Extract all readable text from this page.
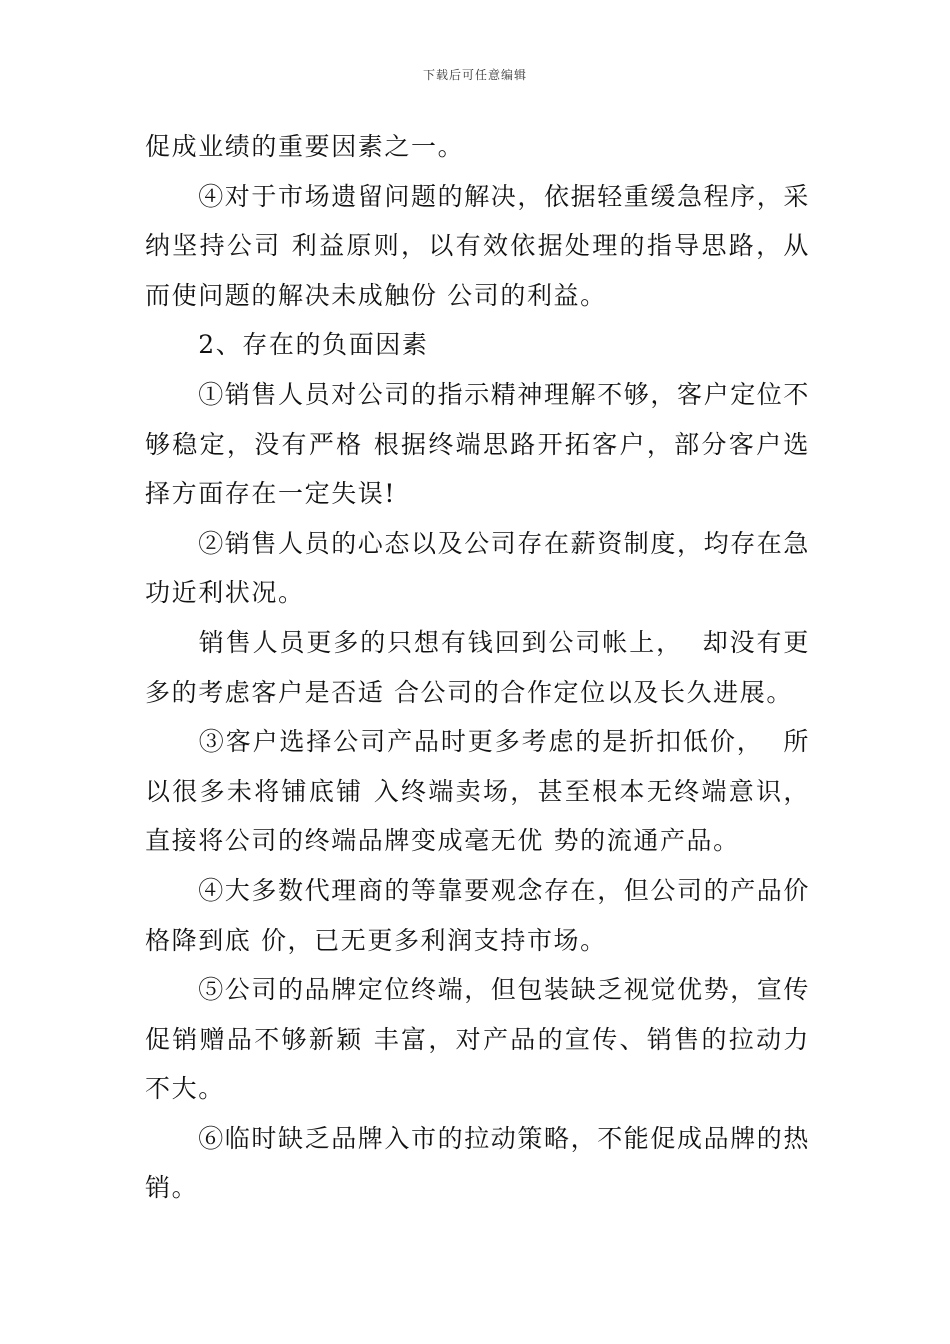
下载后可任意编辑

促成业绩的重要因素之一。

　　④对于市场遗留问题的解决，依据轻重缓急程序，采纳坚持公司 利益原则，以有效依据处理的指导思路，从而使问题的解决未成触份 公司的利益。

　　2、存在的负面因素

　　①销售人员对公司的指示精神理解不够，客户定位不够稳定，没有严格 根据终端思路开拓客户，部分客户选择方面存在一定失误!

　　②销售人员的心态以及公司存在薪资制度，均存在急功近利状况。

　　销售人员更多的只想有钱回到公司帐上，  却没有更多的考虑客户是否适 合公司的合作定位以及长久进展。

　　③客户选择公司产品时更多考虑的是折扣低价，  所以很多未将铺底铺 入终端卖场，甚至根本无终端意识，直接将公司的终端品牌变成毫无优 势的流通产品。

　　④大多数代理商的等靠要观念存在，但公司的产品价格降到底 价，已无更多利润支持市场。

　　⑤公司的品牌定位终端，但包装缺乏视觉优势，宣传促销赠品不够新颖 丰富，对产品的宣传、销售的拉动力不大。

　　⑥临时缺乏品牌入市的拉动策略，不能促成品牌的热销。
